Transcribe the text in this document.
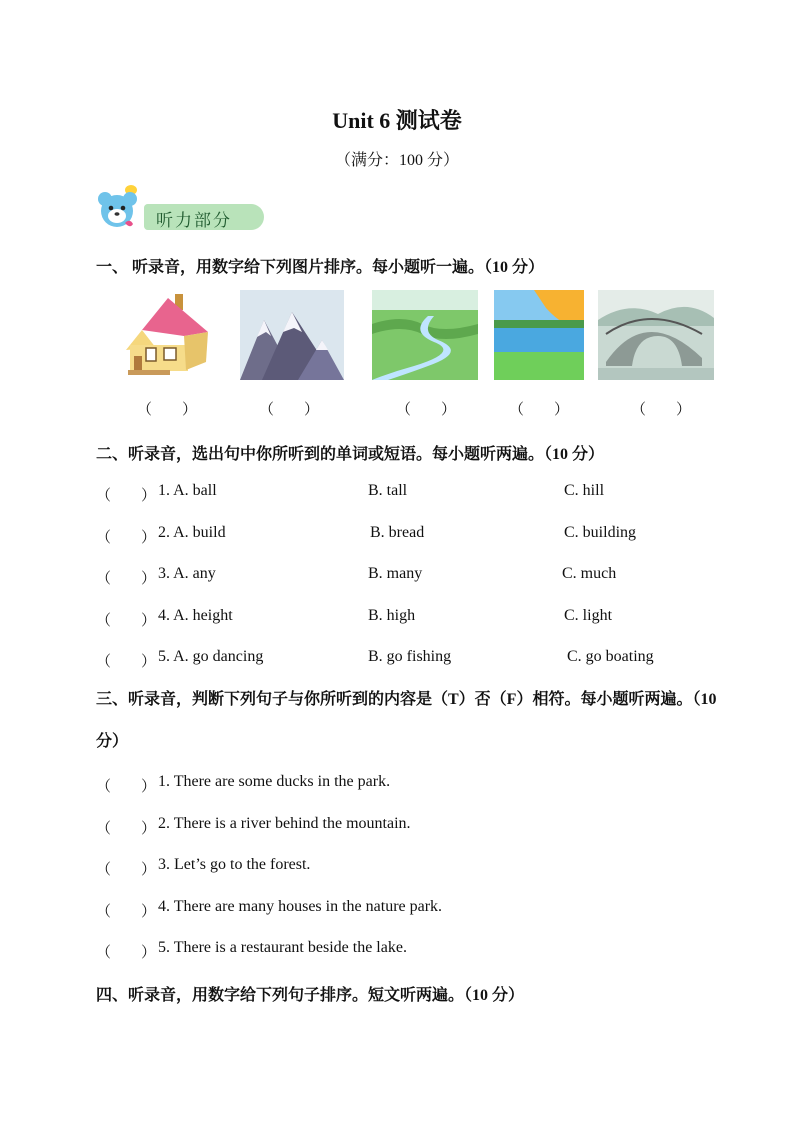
Unit 6 测试卷
（满分：100 分）
听力部分
一、 听录音，用数字给下列图片排序。每小题听一遍。（10 分）
（　　）	（　　）	（　　）	（　　）	（　　）
二、听录音，选出句中你所听到的单词或短语。每小题听两遍。（10 分）
（　　） 1. A. ball	B. tall	C. hill
（　　） 2. A. build	B. bread	C. building
（　　） 3. A. any	B. many	C. much
（　　） 4. A. height	B. high	C. light
（　　） 5. A. go dancing	B. go fishing	C. go boating
三、听录音，判断下列句子与你所听到的内容是（T）否（F）相符。每小题听两遍。（10 分）
（　　） 1. There are some ducks in the park.
（　　） 2. There is a river behind the mountain.
（　　） 3. Let’s go to the forest.
（　　） 4. There are many houses in the nature park.
（　　） 5. There is a restaurant beside the lake.
四、听录音，用数字给下列句子排序。短文听两遍。（10 分）
